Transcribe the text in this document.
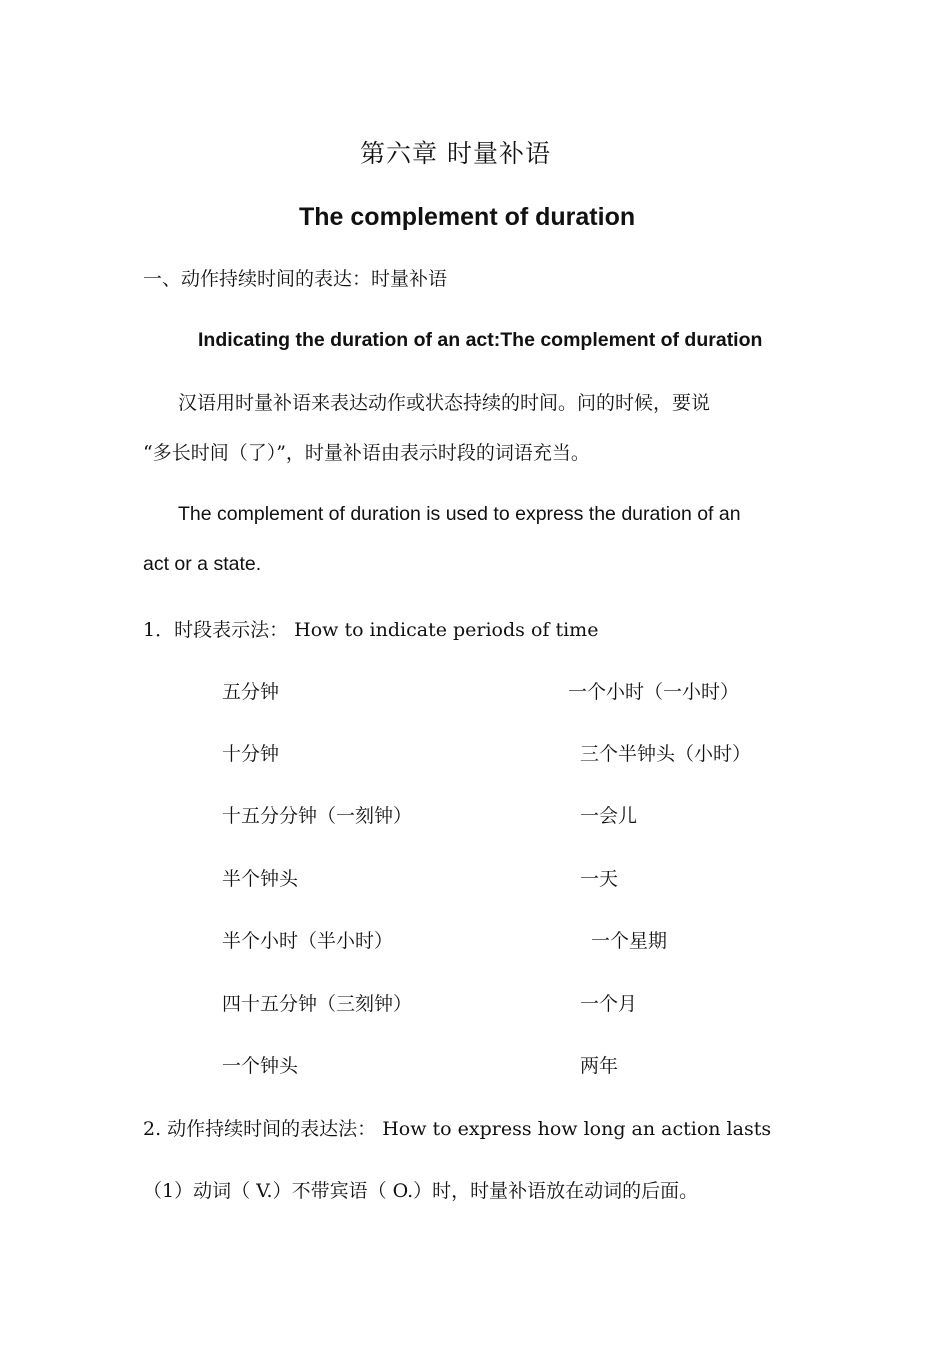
第六章 时量补语
The complement of duration
一、动作持续时间的表达：时量补语
Indicating the duration of an act:The complement of duration
汉语用时量补语来表达动作或状态持续的时间。问的时候，要说
“多长时间（了）”，时量补语由表示时段的词语充当。
The complement of duration is used to express the duration of an
act or a state.
1．时段表示法： How to indicate periods of time
五分钟
十分钟
十五分分钟（一刻钟）
半个钟头
半个小时（半小时）
四十五分钟（三刻钟）
一个钟头
一个小时（一小时）
三个半钟头（小时）
一会儿
一天
一个星期
一个月
两年
2. 动作持续时间的表达法： How to express how long an action lasts
（1）动词（ V.）不带宾语（ O.）时，时量补语放在动词的后面。
